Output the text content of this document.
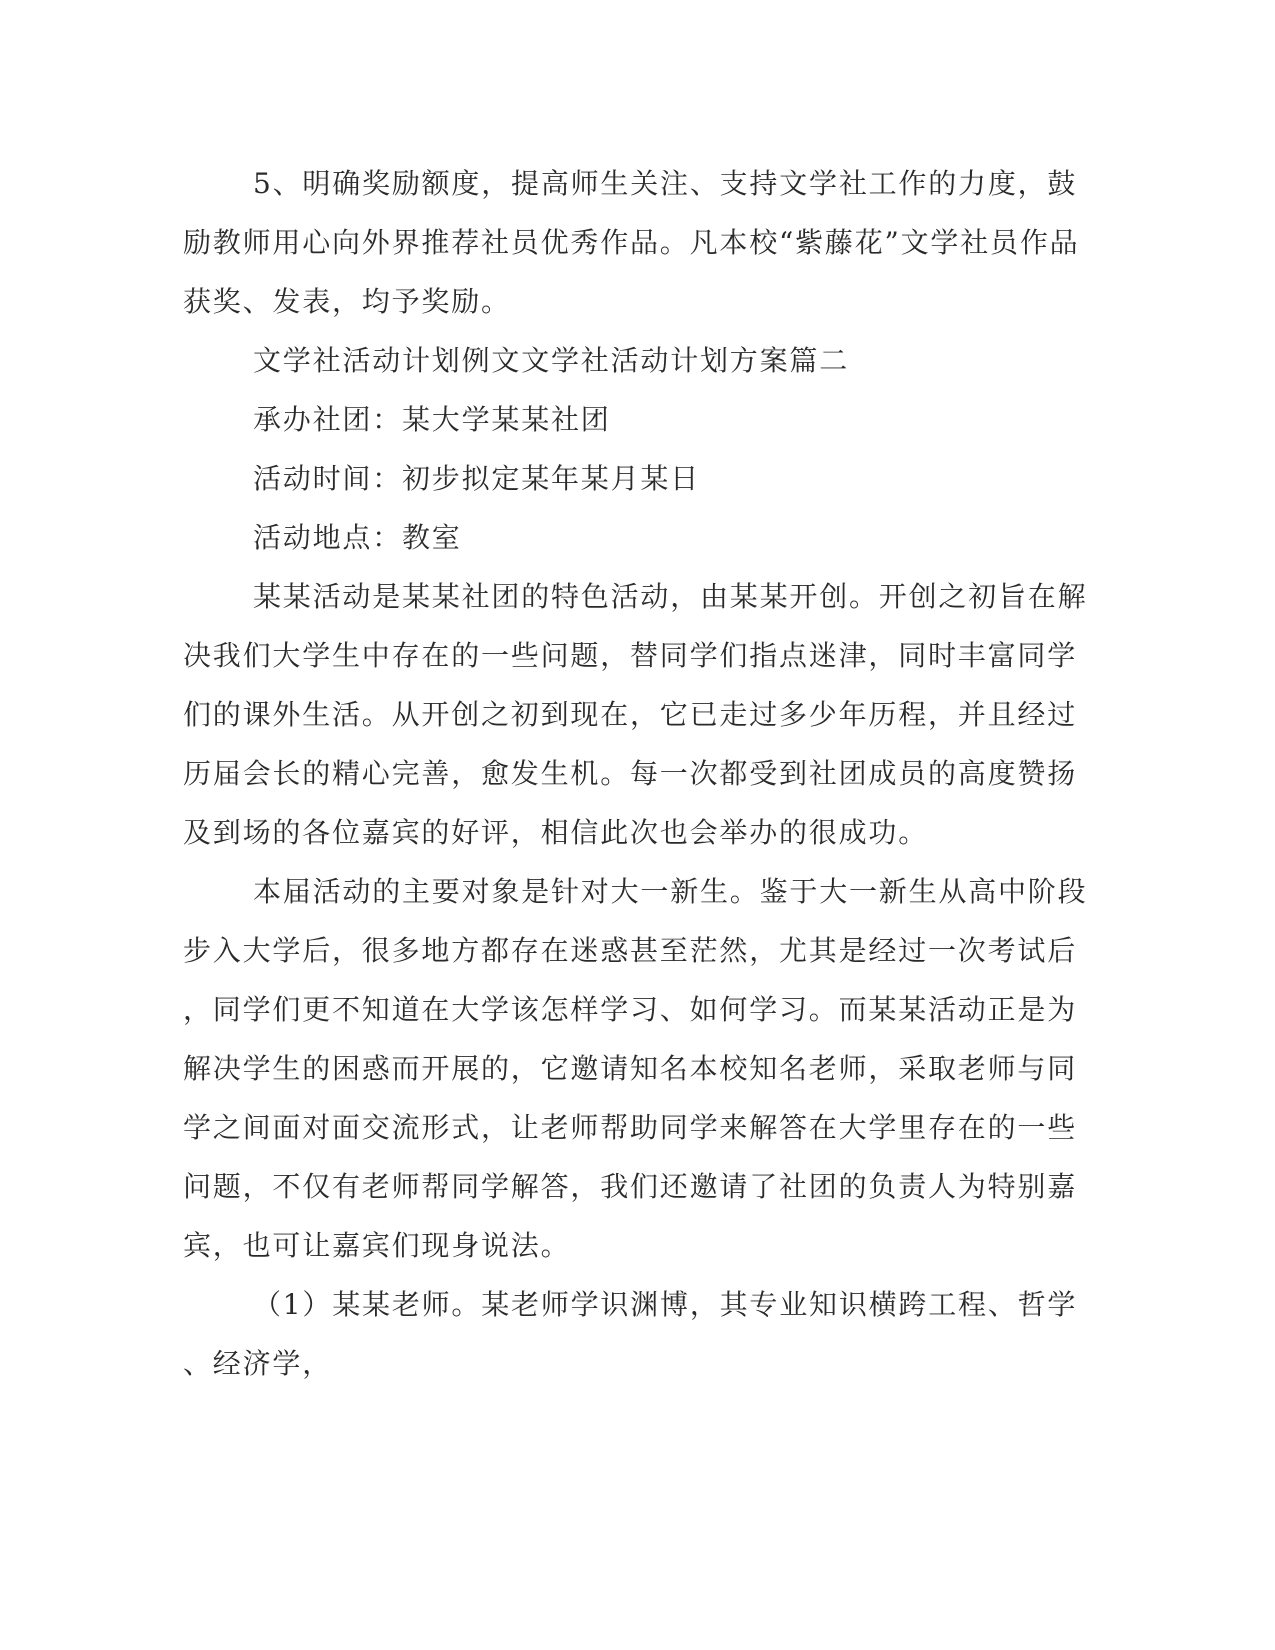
5、明确奖励额度，提高师生关注、支持文学社工作的力度，鼓
励教师用心向外界推荐社员优秀作品。凡本校“紫藤花”文学社员作品
获奖、发表，均予奖励。
文学社活动计划例文文学社活动计划方案篇二
承办社团：某大学某某社团
活动时间：初步拟定某年某月某日
活动地点：教室
某某活动是某某社团的特色活动，由某某开创。开创之初旨在解
决我们大学生中存在的一些问题，替同学们指点迷津，同时丰富同学
们的课外生活。从开创之初到现在，它已走过多少年历程，并且经过
历届会长的精心完善，愈发生机。每一次都受到社团成员的高度赞扬
及到场的各位嘉宾的好评，相信此次也会举办的很成功。
本届活动的主要对象是针对大一新生。鉴于大一新生从高中阶段
步入大学后，很多地方都存在迷惑甚至茫然，尤其是经过一次考试后
，同学们更不知道在大学该怎样学习、如何学习。而某某活动正是为
解决学生的困惑而开展的，它邀请知名本校知名老师，采取老师与同
学之间面对面交流形式，让老师帮助同学来解答在大学里存在的一些
问题，不仅有老师帮同学解答，我们还邀请了社团的负责人为特别嘉
宾，也可让嘉宾们现身说法。
（1）某某老师。某老师学识渊博，其专业知识横跨工程、哲学
、经济学，
